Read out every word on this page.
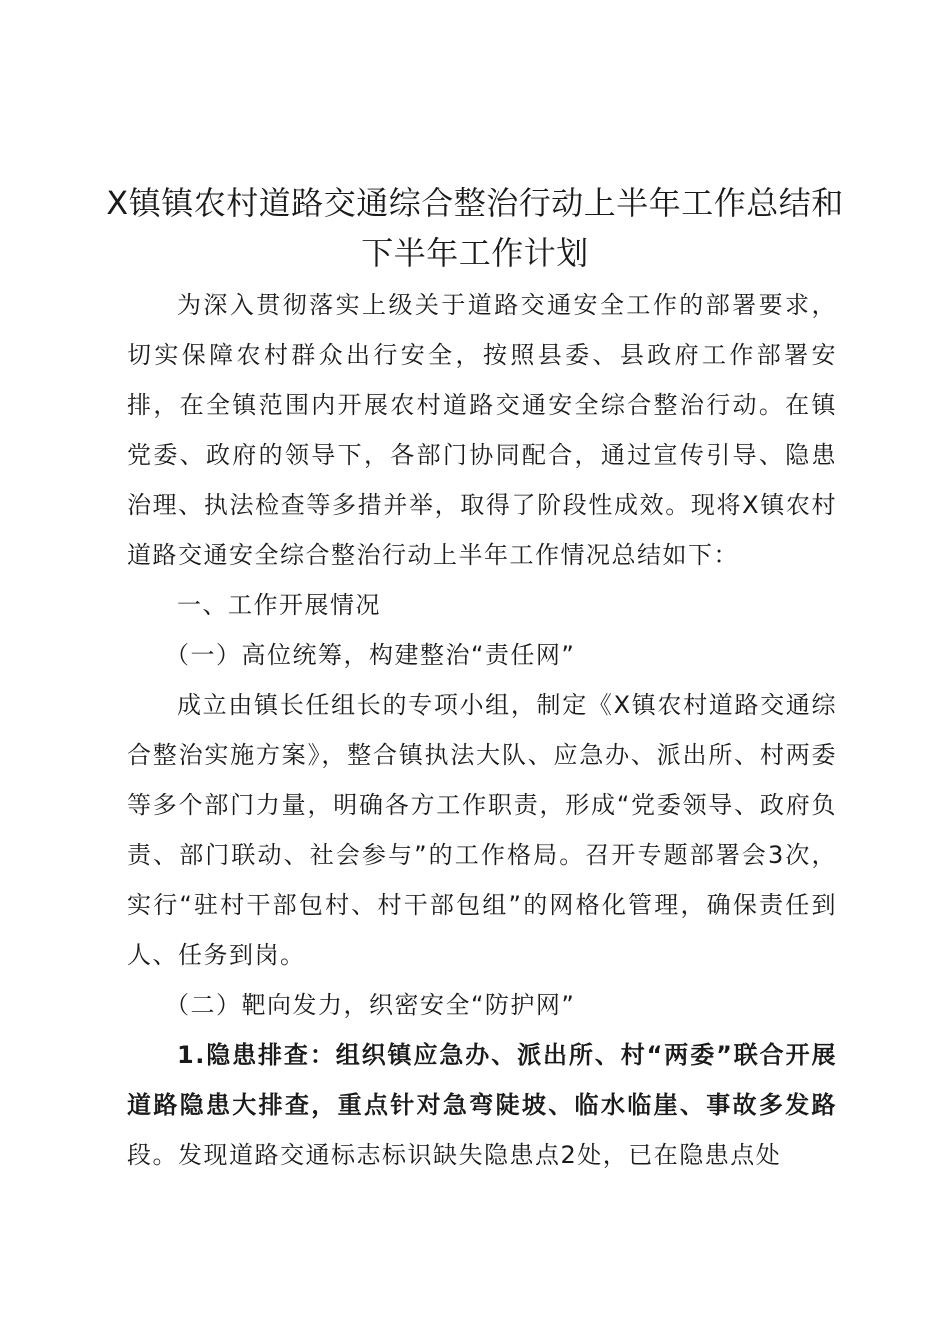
X镇镇农村道路交通综合整治行动上半年工作总结和下半年工作计划

为深入贯彻落实上级关于道路交通安全工作的部署要求，切实保障农村群众出行安全，按照县委、县政府工作部署安排，在全镇范围内开展农村道路交通安全综合整治行动。在镇党委、政府的领导下，各部门协同配合，通过宣传引导、隐患治理、执法检查等多措并举，取得了阶段性成效。现将X镇农村道路交通安全综合整治行动上半年工作情况总结如下：

一、工作开展情况

（一）高位统筹，构建整治“责任网”

成立由镇长任组长的专项小组，制定《X镇农村道路交通综合整治实施方案》，整合镇执法大队、应急办、派出所、村两委等多个部门力量，明确各方工作职责，形成“党委领导、政府负责、部门联动、社会参与”的工作格局。召开专题部署会3次，实行“驻村干部包村、村干部包组”的网格化管理，确保责任到人、任务到岗。

（二）靶向发力，织密安全“防护网”

1.隐患排查：组织镇应急办、派出所、村“两委”联合开展道路隐患大排查，重点针对急弯陡坡、临水临崖、事故多发路段。发现道路交通标志标识缺失隐患点2处，已在隐患点处
